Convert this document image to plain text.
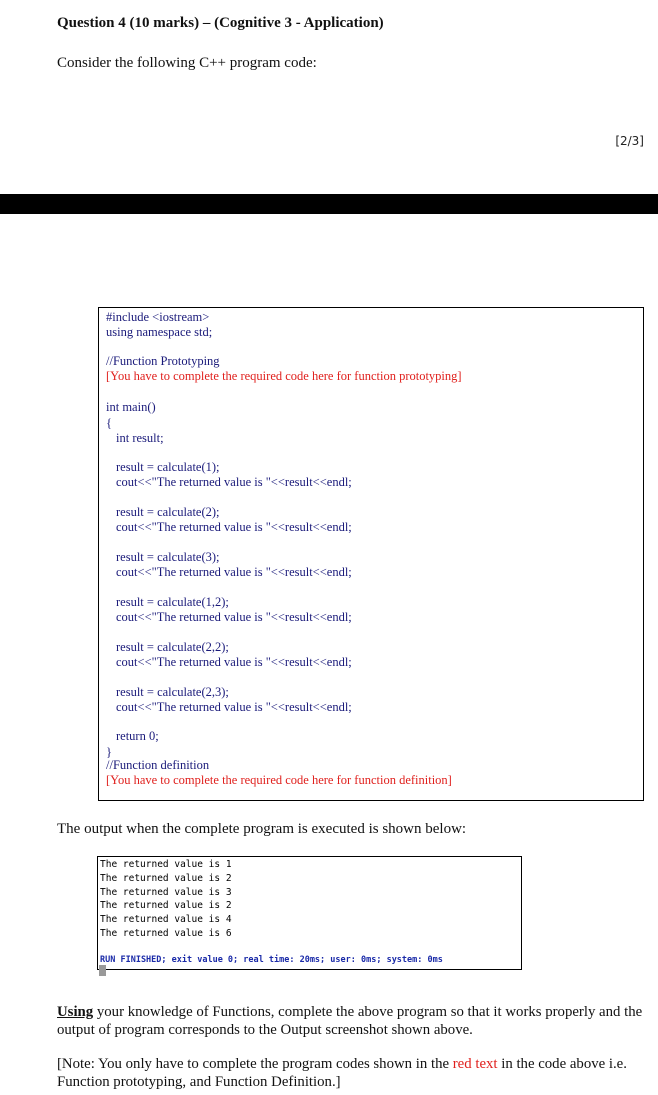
Question 4 (10 marks) – (Cognitive 3 - Application)
Consider the following C++ program code:
[2/3]
#include <iostream>
using namespace std;
//Function Prototyping
[You have to complete the required code here for function prototyping]
int main()
{
int result;
result = calculate(1);
cout<<"The returned value is "<<result<<endl;
result = calculate(2);
cout<<"The returned value is "<<result<<endl;
result = calculate(3);
cout<<"The returned value is "<<result<<endl;
result = calculate(1,2);
cout<<"The returned value is "<<result<<endl;
result = calculate(2,2);
cout<<"The returned value is "<<result<<endl;
result = calculate(2,3);
cout<<"The returned value is "<<result<<endl;
return 0;
}
//Function definition
[You have to complete the required code here for function definition]
The output when the complete program is executed is shown below:
The returned value is 1
The returned value is 2
The returned value is 3
The returned value is 2
The returned value is 4
The returned value is 6
RUN FINISHED; exit value 0; real time: 20ms; user: 0ms; system: 0ms
Using your knowledge of Functions, complete the above program so that it works properly and the output of program corresponds to the Output screenshot shown above.
[Note: You only have to complete the program codes shown in the red text in the code above i.e. Function prototyping, and Function Definition.]
